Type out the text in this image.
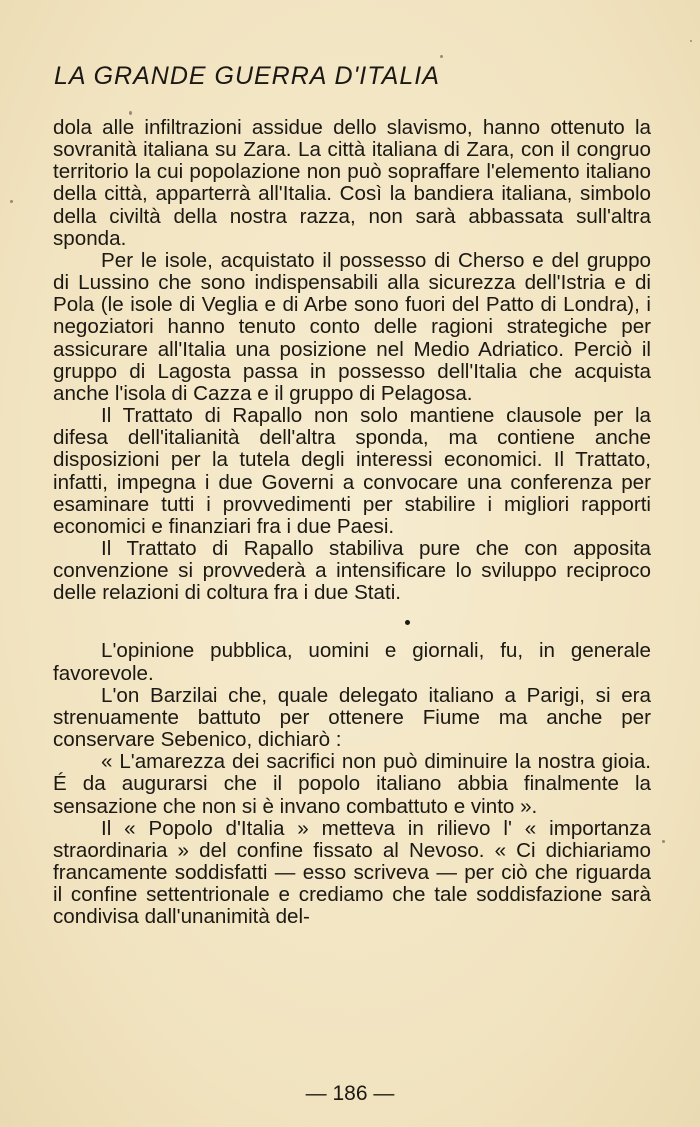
LA GRANDE GUERRA D'ITALIA

dola alle infiltrazioni assidue dello slavismo, hanno ottenuto la sovranità italiana su Zara. La città italiana di Zara, con il congruo territorio la cui popolazione non può sopraffare l'elemento italiano della città, apparterrà all'Italia. Così la bandiera italiana, simbolo della civiltà della nostra razza, non sarà abbassata sull'altra sponda.

Per le isole, acquistato il possesso di Cherso e del gruppo di Lussino che sono indispensabili alla sicurezza dell'Istria e di Pola (le isole di Veglia e di Arbe sono fuori del Patto di Londra), i negoziatori hanno tenuto conto delle ragioni strategiche per assicurare all'Italia una posizione nel Medio Adriatico. Perciò il gruppo di Lagosta passa in possesso dell'Italia che acquista anche l'isola di Cazza e il gruppo di Pelagosa.

Il Trattato di Rapallo non solo mantiene clausole per la difesa dell'italianità dell'altra sponda, ma contiene anche disposizioni per la tutela degli interessi economici. Il Trattato, infatti, impegna i due Governi a convocare una conferenza per esaminare tutti i provvedimenti per stabilire i migliori rapporti economici e finanziari fra i due Paesi.

Il Trattato di Rapallo stabiliva pure che con apposita convenzione si provvederà a intensificare lo sviluppo reciproco delle relazioni di coltura fra i due Stati.

L'opinione pubblica, uomini e giornali, fu, in generale favorevole.

L'on Barzilai che, quale delegato italiano a Parigi, si era strenuamente battuto per ottenere Fiume ma anche per conservare Sebenico, dichiarò :

« L'amarezza dei sacrifici non può diminuire la nostra gioia. É da augurarsi che il popolo italiano abbia finalmente la sensazione che non si è invano combattuto e vinto ».

Il « Popolo d'Italia » metteva in rilievo l' « importanza straordinaria » del confine fissato al Nevoso. « Ci dichiariamo francamente soddisfatti — esso scriveva — per ciò che riguarda il confine settentrionale e crediamo che tale soddisfazione sarà condivisa dall'unanimità del-

— 186 —
